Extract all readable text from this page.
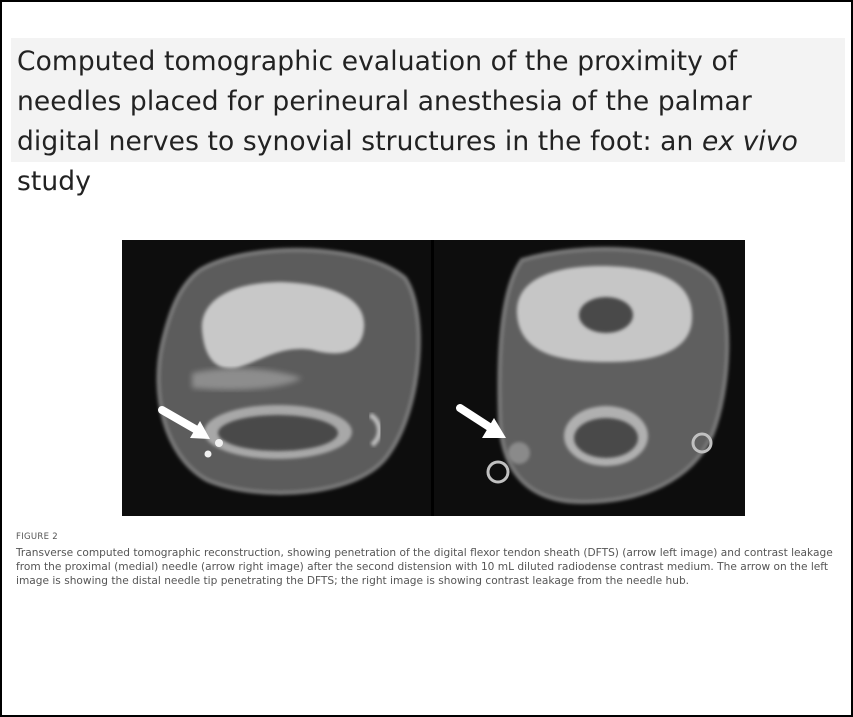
Computed tomographic evaluation of the proximity of needles placed for perineural anesthesia of the palmar digital nerves to synovial structures in the foot: an ex vivo study
FIGURE 2

Transverse computed tomographic reconstruction, showing penetration of the digital flexor tendon sheath (DFTS) (arrow left image) and contrast leakage from the proximal (medial) needle (arrow right image) after the second distension with 10 mL diluted radiodense contrast medium. The arrow on the left image is showing the distal needle tip penetrating the DFTS; the right image is showing contrast leakage from the needle hub.
